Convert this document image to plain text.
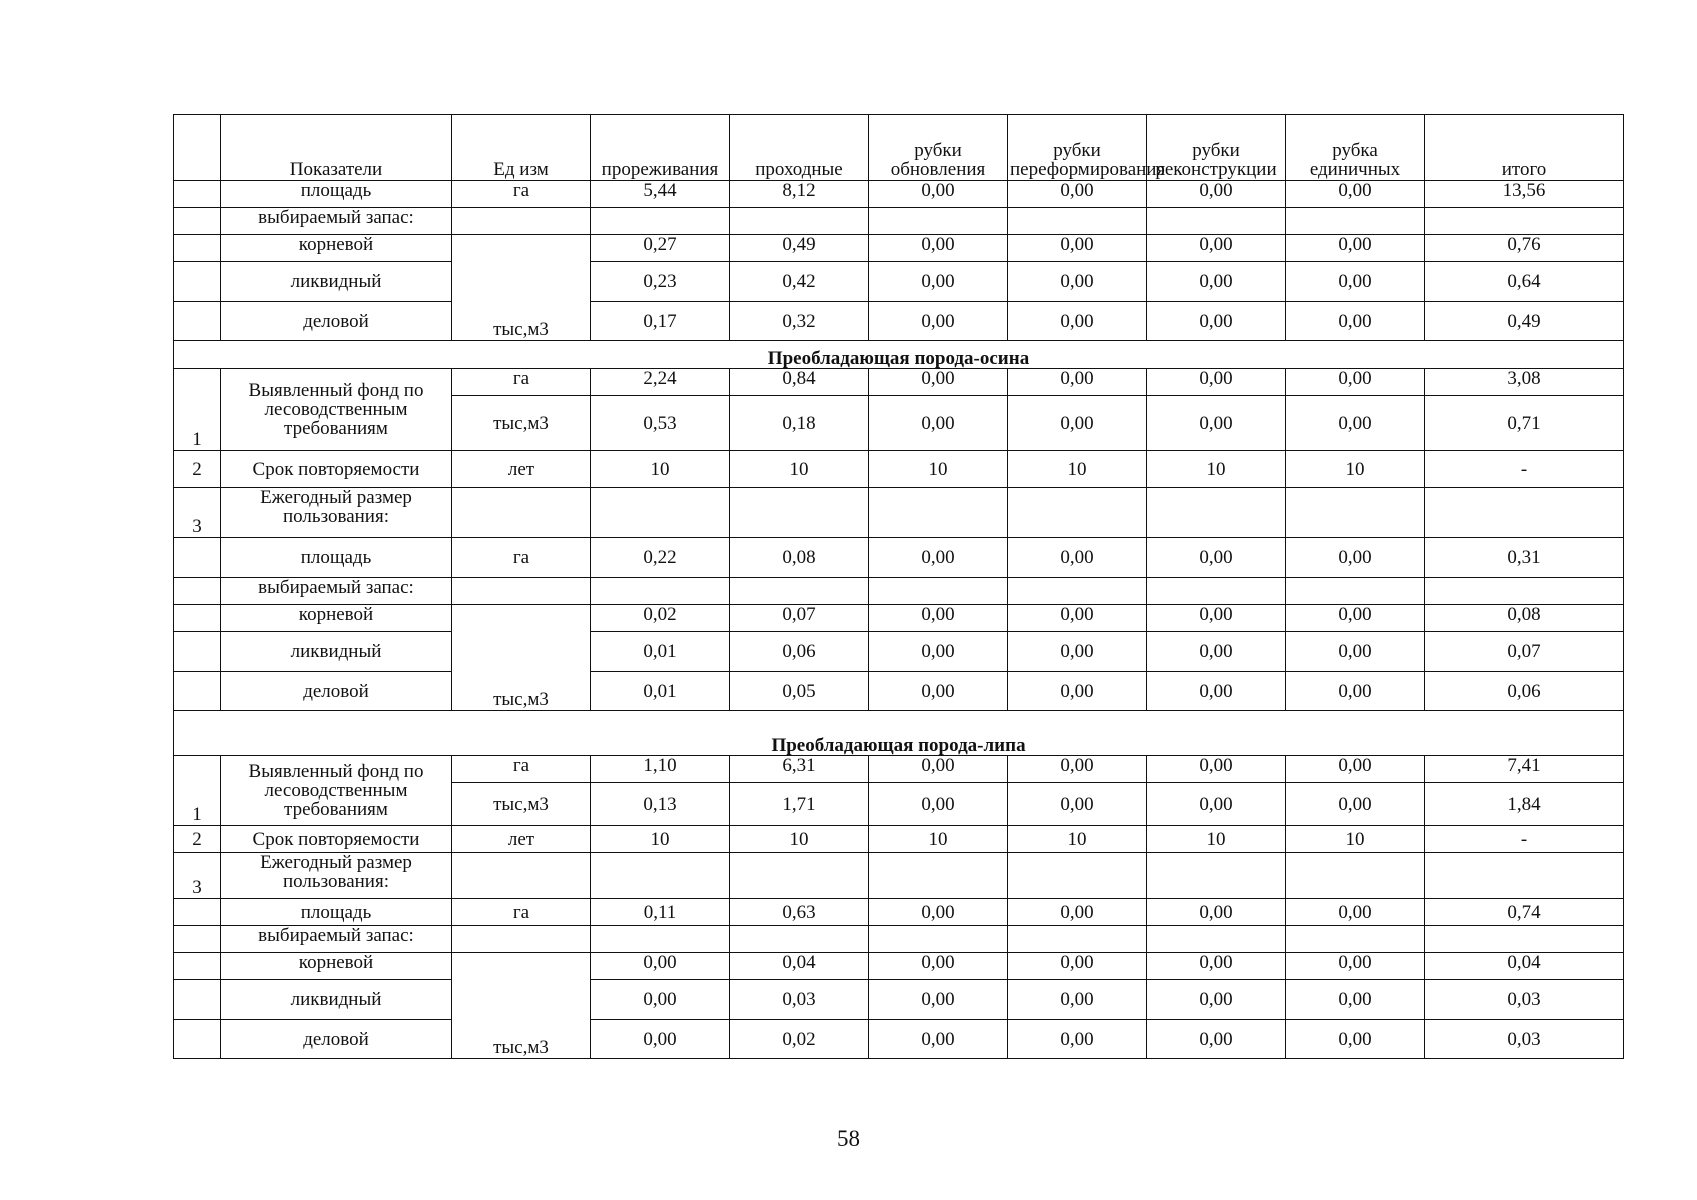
	Показатели	Ед изм	прореживания	проходные	рубки обновления	рубки переформирования	рубки реконструкции	рубка единичных	итого
	площадь	га	5,44	8,12	0,00	0,00	0,00	0,00	13,56
	выбираемый запас:								
	корневой	тыс,м3	0,27	0,49	0,00	0,00	0,00	0,00	0,76
	ликвидный		0,23	0,42	0,00	0,00	0,00	0,00	0,64
	деловой		0,17	0,32	0,00	0,00	0,00	0,00	0,49
Преобладающая порода-осина									
1	Выявленный фонд по лесоводственным требованиям	га	2,24	0,84	0,00	0,00	0,00	0,00	3,08
		тыс,м3	0,53	0,18	0,00	0,00	0,00	0,00	0,71
2	Срок повторяемости	лет	10	10	10	10	10	10	-
3	Ежегодный размер пользования:								
	площадь	га	0,22	0,08	0,00	0,00	0,00	0,00	0,31
	выбираемый запас:								
	корневой	тыс,м3	0,02	0,07	0,00	0,00	0,00	0,00	0,08
	ликвидный		0,01	0,06	0,00	0,00	0,00	0,00	0,07
	деловой		0,01	0,05	0,00	0,00	0,00	0,00	0,06
Преобладающая порода-липа									
1	Выявленный фонд по лесоводственным требованиям	га	1,10	6,31	0,00	0,00	0,00	0,00	7,41
		тыс,м3	0,13	1,71	0,00	0,00	0,00	0,00	1,84
2	Срок повторяемости	лет	10	10	10	10	10	10	-
3	Ежегодный размер пользования:								
	площадь	га	0,11	0,63	0,00	0,00	0,00	0,00	0,74
	выбираемый запас:								
	корневой	тыс,м3	0,00	0,04	0,00	0,00	0,00	0,00	0,04
	ликвидный		0,00	0,03	0,00	0,00	0,00	0,00	0,03
	деловой		0,00	0,02	0,00	0,00	0,00	0,00	0,03
58
